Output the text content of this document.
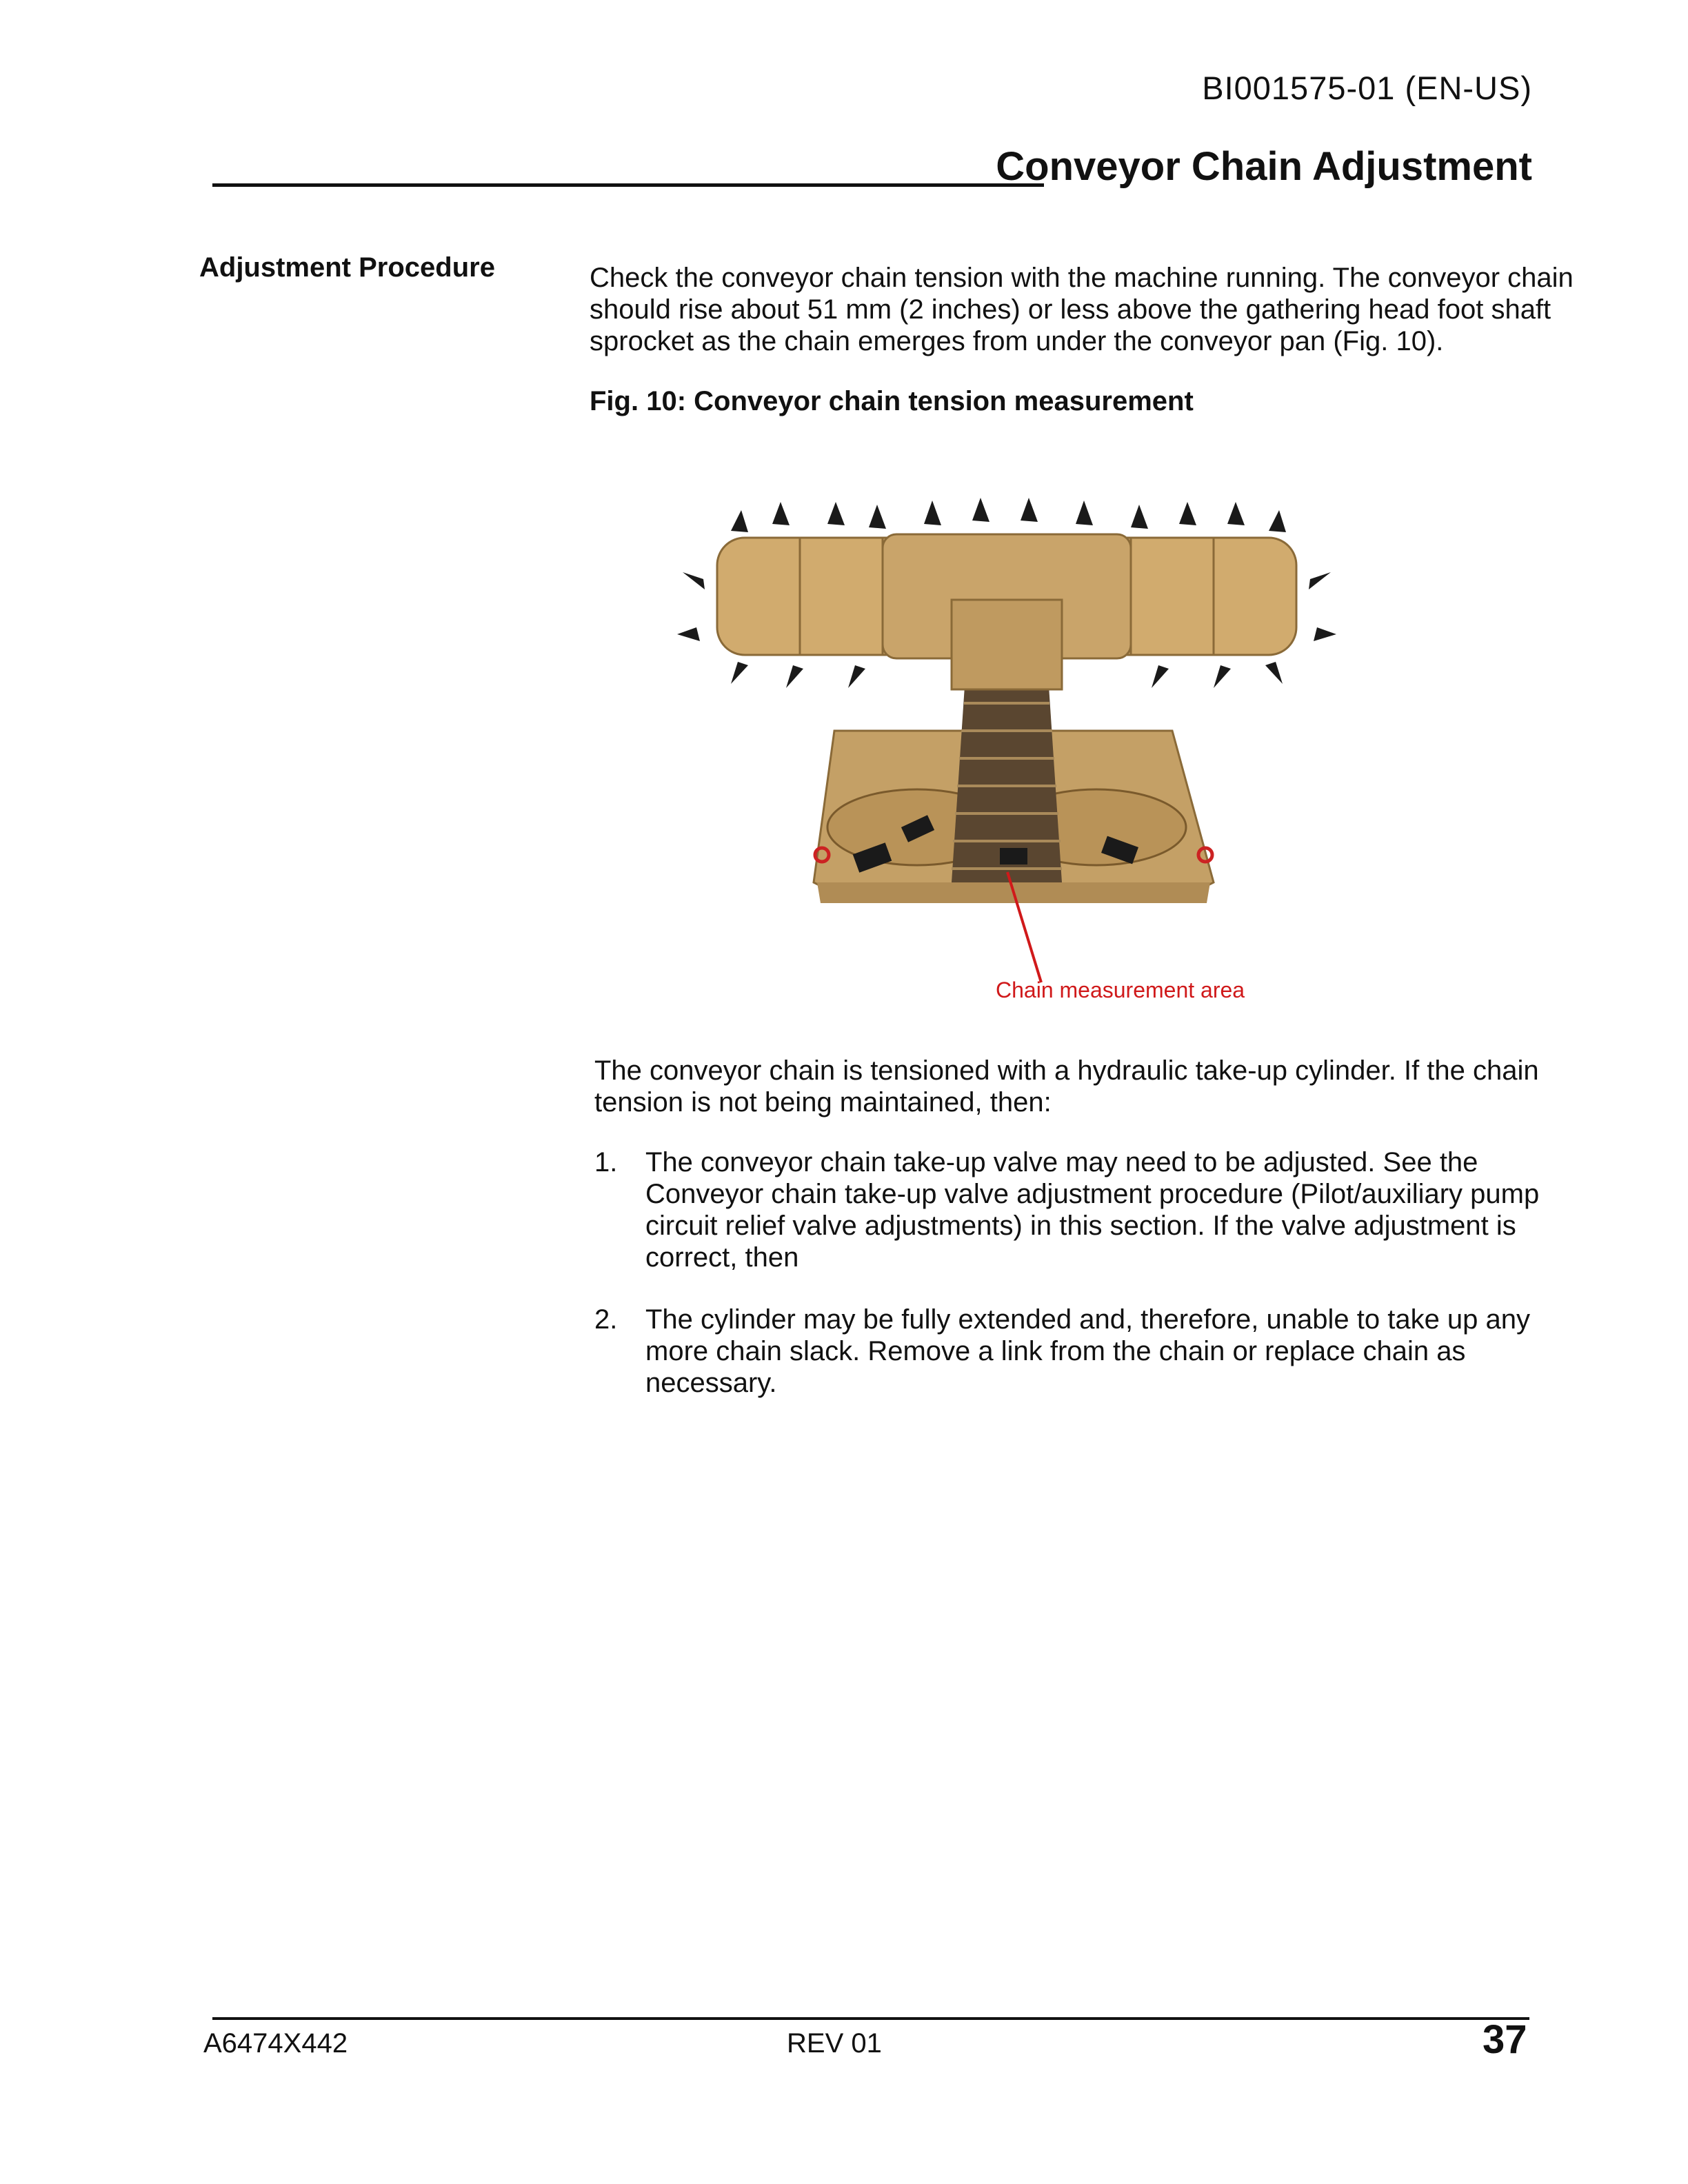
BI001575-01 (EN-US)
Conveyor Chain Adjustment
Adjustment Procedure	Check the conveyor chain tension with the machine running. The conveyor chain should rise about 51 mm (2 inches) or less above the gathering head foot shaft sprocket as the chain emerges from under the conveyor pan (Fig. 10).
Fig. 10: Conveyor chain tension measurement
Chain measurement area
The conveyor chain is tensioned with a hydraulic take-up cylinder. If the chain tension is not being maintained, then:
1. The conveyor chain take-up valve may need to be adjusted. See the Conveyor chain take-up valve adjustment procedure (Pilot/auxiliary pump circuit relief valve adjustments) in this section. If the valve adjustment is correct, then
2. The cylinder may be fully extended and, therefore, unable to take up any more chain slack. Remove a link from the chain or replace chain as necessary.
A6474X442	REV 01	37
